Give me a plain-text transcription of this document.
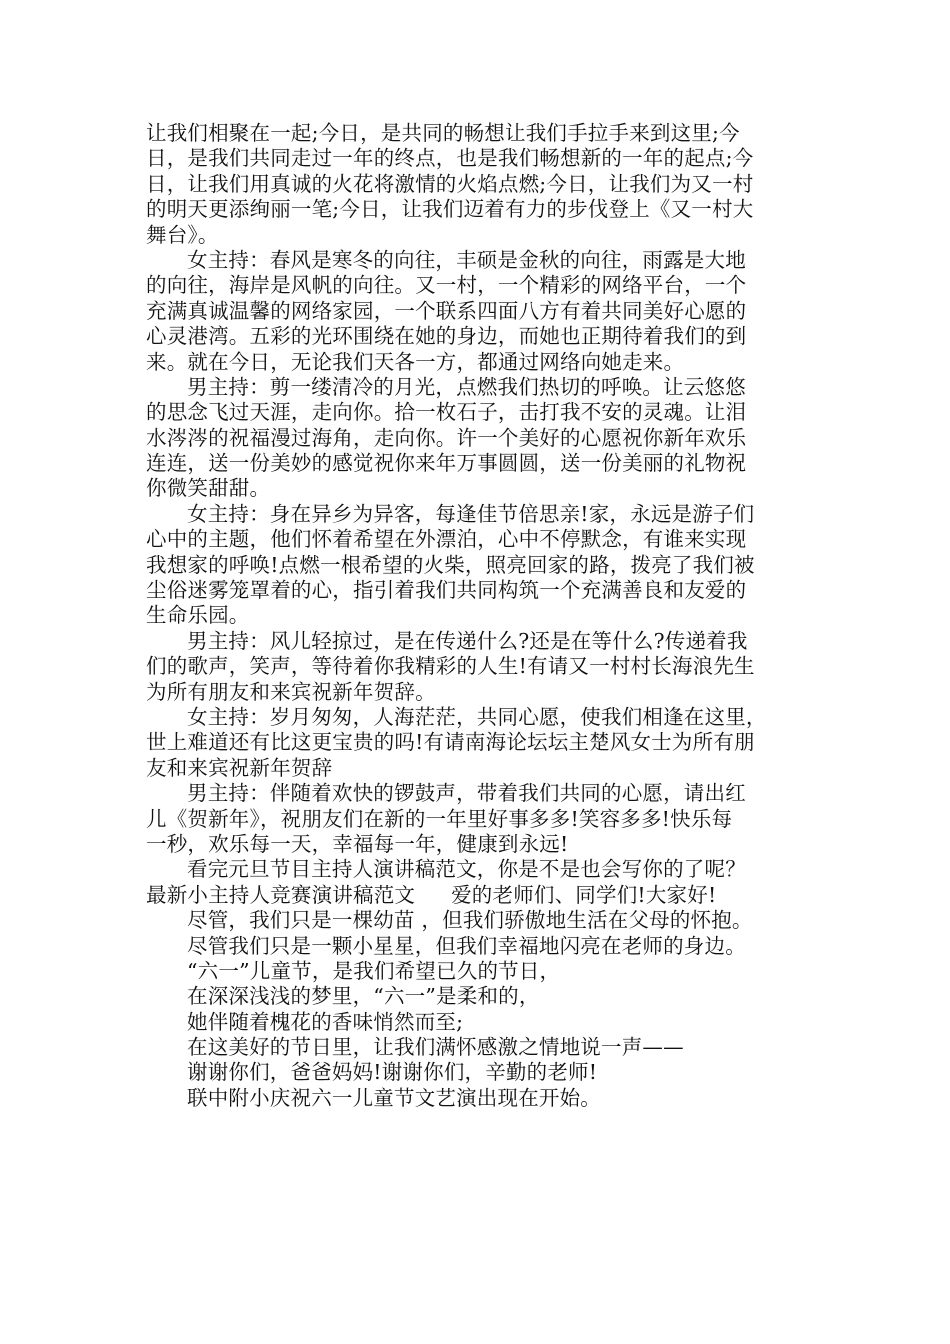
让我们相聚在一起;今日，是共同的畅想让我们手拉手来到这里;今
日，是我们共同走过一年的终点，也是我们畅想新的一年的起点;今
日，让我们用真诚的火花将激情的火焰点燃;今日，让我们为又一村
的明天更添绚丽一笔;今日，让我们迈着有力的步伐登上《又一村大
舞台》。
女主持：春风是寒冬的向往，丰硕是金秋的向往，雨露是大地
的向往，海岸是风帆的向往。又一村，一个精彩的网络平台，一个
充满真诚温馨的网络家园，一个联系四面八方有着共同美好心愿的
心灵港湾。五彩的光环围绕在她的身边，而她也正期待着我们的到
来。就在今日，无论我们天各一方，都通过网络向她走来。
男主持：剪一缕清冷的月光，点燃我们热切的呼唤。让云悠悠
的思念飞过天涯，走向你。拾一枚石子，击打我不安的灵魂。让泪
水涔涔的祝福漫过海角，走向你。许一个美好的心愿祝你新年欢乐
连连，送一份美妙的感觉祝你来年万事圆圆，送一份美丽的礼物祝
你微笑甜甜。
女主持：身在异乡为异客，每逢佳节倍思亲!家，永远是游子们
心中的主题，他们怀着希望在外漂泊，心中不停默念，有谁来实现
我想家的呼唤!点燃一根希望的火柴，照亮回家的路，拨亮了我们被
尘俗迷雾笼罩着的心，指引着我们共同构筑一个充满善良和友爱的
生命乐园。
男主持：风儿轻掠过，是在传递什么?还是在等什么?传递着我
们的歌声，笑声，等待着你我精彩的人生!有请又一村村长海浪先生
为所有朋友和来宾祝新年贺辞。
女主持：岁月匆匆，人海茫茫，共同心愿，使我们相逢在这里，
世上难道还有比这更宝贵的吗!有请南海论坛坛主楚风女士为所有朋
友和来宾祝新年贺辞
男主持：伴随着欢快的锣鼓声，带着我们共同的心愿，请出红
儿《贺新年》，祝朋友们在新的一年里好事多多!笑容多多!快乐每
一秒，欢乐每一天，幸福每一年，健康到永远!
看完元旦节目主持人演讲稿范文，你是不是也会写你的了呢？
最新小主持人竞赛演讲稿范文 爱的老师们、同学们!大家好!
尽管，我们只是一棵幼苗 ，但我们骄傲地生活在父母的怀抱。
尽管我们只是一颗小星星，但我们幸福地闪亮在老师的身边。
“六一”儿童节，是我们希望已久的节日，
在深深浅浅的梦里，“六一”是柔和的，
她伴随着槐花的香味悄然而至;
在这美好的节日里，让我们满怀感激之情地说一声——
谢谢你们，爸爸妈妈!谢谢你们，辛勤的老师!
联中附小庆祝六一儿童节文艺演出现在开始。
